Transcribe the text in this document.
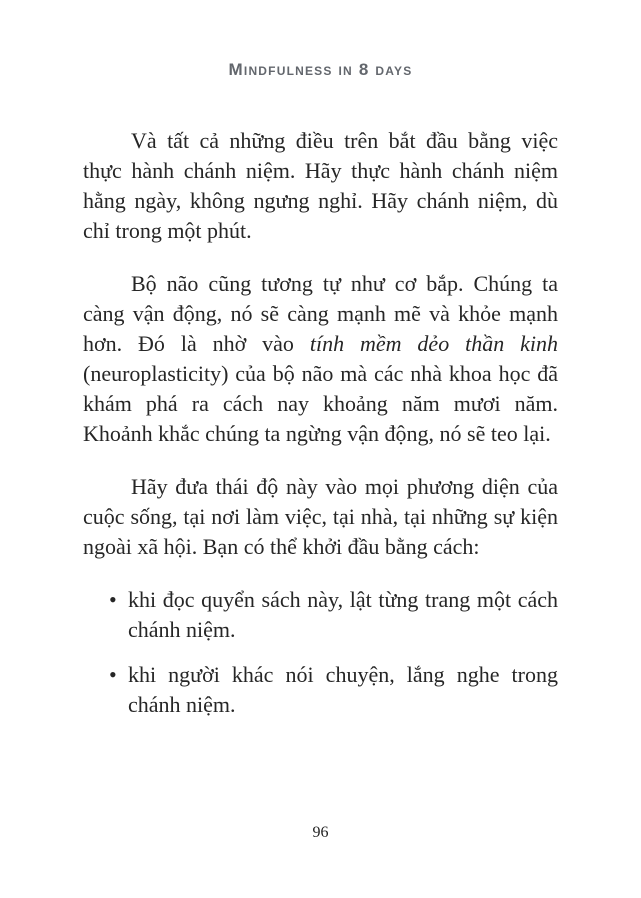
Mindfulness in 8 days

Và tất cả những điều trên bắt đầu bằng việc thực hành chánh niệm. Hãy thực hành chánh niệm hằng ngày, không ngưng nghỉ. Hãy chánh niệm, dù chỉ trong một phút.

Bộ não cũng tương tự như cơ bắp. Chúng ta càng vận động, nó sẽ càng mạnh mẽ và khỏe mạnh hơn. Đó là nhờ vào tính mềm dẻo thần kinh (neuroplasticity) của bộ não mà các nhà khoa học đã khám phá ra cách nay khoảng năm mươi năm. Khoảnh khắc chúng ta ngừng vận động, nó sẽ teo lại.

Hãy đưa thái độ này vào mọi phương diện của cuộc sống, tại nơi làm việc, tại nhà, tại những sự kiện ngoài xã hội. Bạn có thể khởi đầu bằng cách:

• khi đọc quyển sách này, lật từng trang một cách chánh niệm.
• khi người khác nói chuyện, lắng nghe trong chánh niệm.
96
